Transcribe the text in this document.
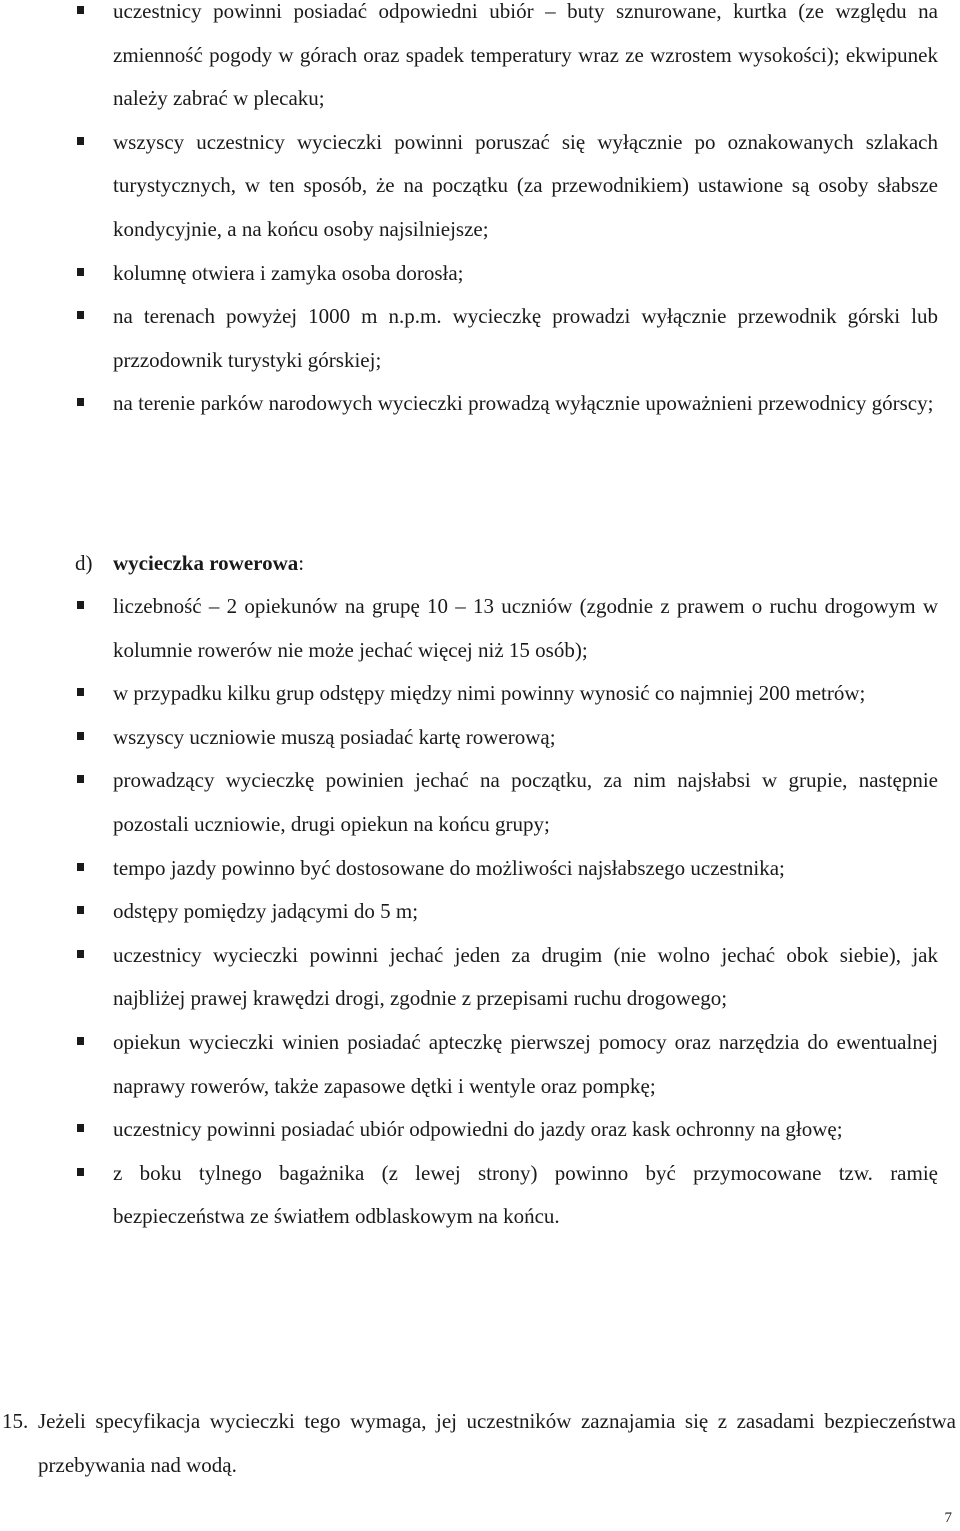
uczestnicy powinni posiadać odpowiedni ubiór – buty sznurowane, kurtka (ze względu na zmienność pogody w górach oraz spadek temperatury wraz ze wzrostem wysokości); ekwipunek należy zabrać w plecaku;
wszyscy uczestnicy wycieczki powinni poruszać się wyłącznie po oznakowanych szlakach turystycznych, w ten sposób, że na początku (za przewodnikiem) ustawione są osoby słabsze kondycyjnie, a na końcu osoby najsilniejsze;
kolumnę otwiera i zamyka osoba dorosła;
na terenach powyżej 1000 m n.p.m. wycieczkę prowadzi wyłącznie przewodnik górski lub przzodownik turystyki górskiej;
na terenie parków narodowych wycieczki prowadzą wyłącznie upoważnieni przewodnicy górscy;
d) wycieczka rowerowa:
liczebność – 2 opiekunów na grupę 10 – 13 uczniów (zgodnie z prawem o ruchu drogowym w kolumnie rowerów nie może jechać więcej niż 15 osób);
w przypadku kilku grup odstępy między nimi powinny wynosić co najmniej 200 metrów;
wszyscy uczniowie muszą posiadać kartę rowerową;
prowadzący wycieczkę powinien jechać na początku, za nim najsłabsi w grupie, następnie pozostali uczniowie, drugi opiekun na końcu grupy;
tempo jazdy powinno być dostosowane do możliwości najsłabszego uczestnika;
odstępy pomiędzy jadącymi do 5 m;
uczestnicy wycieczki powinni jechać jeden za drugim (nie wolno jechać obok siebie), jak najbliżej prawej krawędzi drogi, zgodnie z przepisami ruchu drogowego;
opiekun wycieczki winien posiadać apteczkę pierwszej pomocy oraz narzędzia do ewentualnej naprawy rowerów, także zapasowe dętki i wentyle oraz pompkę;
uczestnicy powinni posiadać ubiór odpowiedni do jazdy oraz kask ochronny na głowę;
z boku tylnego bagażnika (z lewej strony) powinno być przymocowane tzw. ramię bezpieczeństwa ze światłem odblaskowym na końcu.
15. Jeżeli specyfikacja wycieczki tego wymaga, jej uczestników zaznajamia się z zasadami bezpieczeństwa przebywania nad wodą.
7
